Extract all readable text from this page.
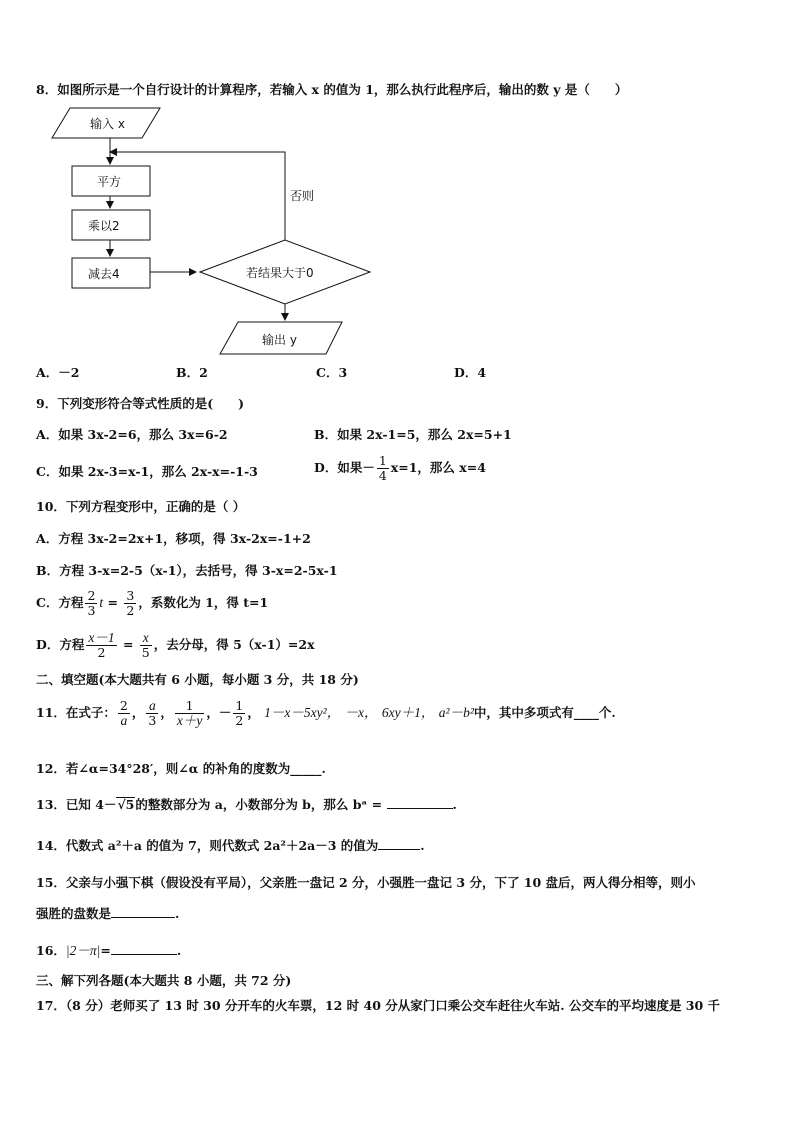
8．如图所示是一个自行设计的计算程序，若输入 x 的值为 1，那么执行此程序后，输出的数 y 是（　　）
输入 x
平方
乘以2
减去4	若结果大于0
否则
输出 y
A．－2	B．2	C．3	D．4
9．下列变形符合等式性质的是(　　)
A．如果 3x-2=6，那么 3x=6-2	B．如果 2x-1=5，那么 2x=5+1
C．如果 2x-3=x-1，那么 2x-x=-1-3	D．如果－ $\frac{1}{4} x=1$，那么 x=4
10．下列方程变形中，正确的是（ ）
A．方程 3x-2=2x+1，移项，得 3x-2x=-1+2
B．方程 3-x=2-5（x-1），去括号，得 3-x=2-5x-1
C．方程 $\frac{2}{3}$ $t = \frac{3}{2}$ ，系数化为 1，得 t=1
D．方程 $\frac{x-1}{2} = \frac{x}{5}$ ，去分母，得 5（x-1）=2x
二、填空题(本大题共有 6 小题，每小题 3 分，共 18 分)
11．在式子： $\frac{2}{a}$ ， $\frac{a}{3}$ ， $\frac{1}{x+y}$ ，－ $\frac{1}{2}$ ， 1－x－5xy²， －x， 6xy＋1， a²－b²中，其中多项式有____个.
12．若∠α=34°28′，则∠α 的补角的度数为_____.
13．已知 4－√5的整数部分为 a，小数部分为 b，那么 bᵃ =	.
14．代数式 a²＋a 的值为 7，则代数式 2a²＋2a－3 的值为	.
15．父亲与小强下棋（假设没有平局），父亲胜一盘记 2 分，小强胜一盘记 3 分，下了 10 盘后，两人得分相等，则小
强胜的盘数是	.
16．|2－π|=	.
三、解下列各题(本大题共 8 小题，共 72 分)
17．（8 分）老师买了 13 时 30 分开车的火车票，12 时 40 分从家门口乘公交车赶往火车站. 公交车的平均速度是 30 千
